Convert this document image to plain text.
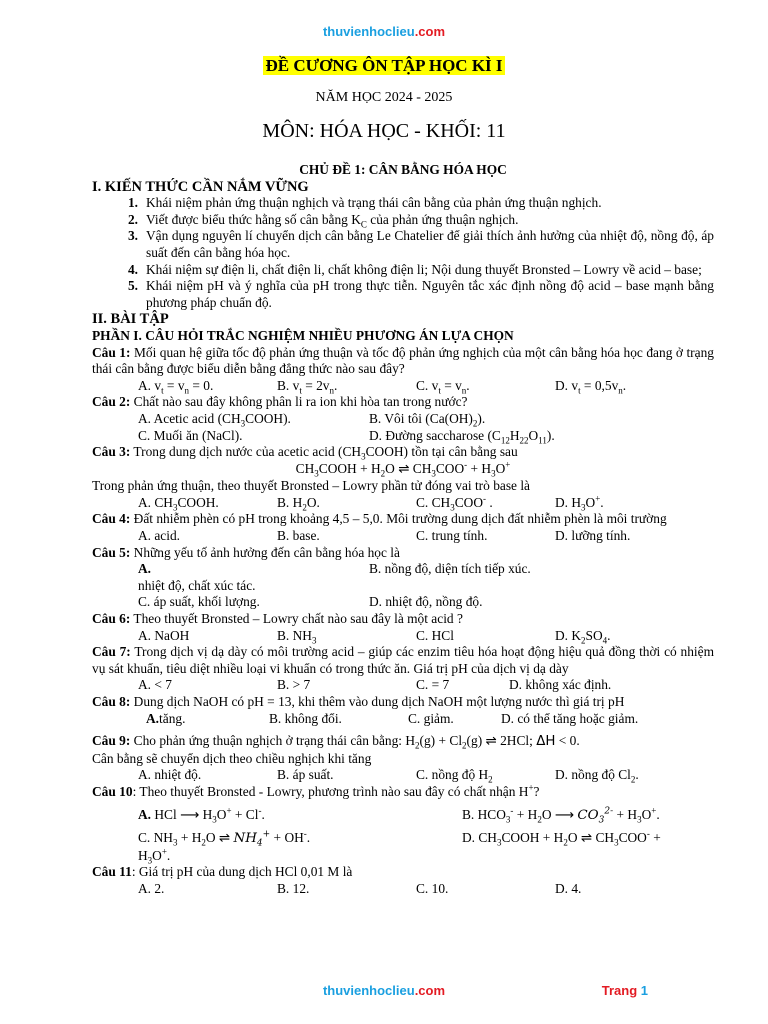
thuvienhoclieu.com
ĐỀ CƯƠNG ÔN TẬP HỌC KÌ I
NĂM HỌC 2024 - 2025
MÔN: HÓA HỌC - KHỐI: 11
CHỦ ĐỀ 1: CÂN BẰNG HÓA HỌC
I. KIẾN THỨC CẦN NẮM VỮNG
1. Khái niệm phản ứng thuận nghịch và trạng thái cân bằng của phản ứng thuận nghịch.
2. Viết được biểu thức hằng số cân bằng $K_C$ của phản ứng thuận nghịch.
3. Vận dụng nguyên lí chuyển dịch cân bằng Le Chatelier để giải thích ảnh hưởng của nhiệt độ, nồng độ, áp suất đến cân bằng hóa học.
4. Khái niệm sự điện li, chất điện li, chất không điện li; Nội dung thuyết Bronsted – Lowry về acid – base;
5. Khái niệm pH và ý nghĩa của pH trong thực tiễn. Nguyên tắc xác định nồng độ acid – base mạnh bằng phương pháp chuẩn độ.
II. BÀI TẬP
PHẦN I. CÂU HỎI TRẮC NGHIỆM NHIỀU PHƯƠNG ÁN LỰA CHỌN
Câu 1: Mối quan hệ giữa tốc độ phản ứng thuận và tốc độ phản ứng nghịch của một cân bằng hóa học đang ở trạng thái cân bằng được biểu diễn bằng đẳng thức nào sau đây?
A. $v_t = v_n = 0$.	B. $v_t = 2v_n$.	C. $v_t = v_n$.	D. $v_t = 0,5v_n$.
Câu 2: Chất nào sau đây không phân li ra ion khi hòa tan trong nước?
A. Acetic acid $(CH_3COOH)$.	B. Vôi tôi $(Ca(OH)_2)$.
C. Muối ăn (NaCl).	D. Đường saccharose $(C_{12}H_{22}O_{11})$.
Câu 3: Trong dung dịch nước của acetic acid $(CH_3COOH)$ tồn tại cân bằng sau
$CH_3COOH + H_2O$ ⇌ $CH_3COO^- + H_3O^+$
Trong phản ứng thuận, theo thuyết Bronsted – Lowry phần tử đóng vai trò base là
A. $CH_3COOH$.	B. $H_2O$.	C. $CH_3COO^-$ .	D. $H_3O^+$.
Câu 4: Đất nhiễm phèn có pH trong khoảng 4,5 – 5,0. Môi trường dung dịch đất nhiễm phèn là môi trường
A. acid.	B. base.	C. trung tính.	D. lưỡng tính.
Câu 5: Những yếu tố ảnh hưởng đến cân bằng hóa học là
A.nhiệt độ, chất xúc tác.
B. nồng độ, diện tích tiếp xúc.
C. áp suất, khối lượng.	D. nhiệt độ, nồng độ.
Câu 6: Theo thuyết Bronsted – Lowry chất nào sau đây là một acid ?
A. NaOH	B. $NH_3$	C. HCl	D. $K_2SO_4$.
Câu 7: Trong dịch vị dạ dày có môi trường acid – giúp các enzim tiêu hóa hoạt động hiệu quả đồng thời có nhiệm vụ sát khuẩn, tiêu diệt nhiều loại vi khuẩn có trong thức ăn. Giá trị pH của dịch vị dạ dày
A. < 7	B. > 7	C. = 7	D. không xác định.
Câu 8: Dung dịch NaOH có pH = 13, khi thêm vào dung dịch NaOH một lượng nước thì giá trị pH
A.tăng.	B. không đổi.	C. giảm.	D. có thể tăng hoặc giảm.
Câu 9: Cho phản ứng thuận nghịch ở trạng thái cân bằng: $H_2(g) + Cl_2(g)$ ⇌ 2HCl; ΔH < 0.
Cân bằng sẽ chuyển dịch theo chiều nghịch khi tăng
A. nhiệt độ.	B. áp suất.	C. nồng độ $H_2$	D. nồng độ $Cl_2$.
Câu 10: Theo thuyết Bronsted - Lowry, phương trình nào sau đây có chất nhận H+?
A. HCl ⟶ $H_3O^+ + Cl^-$.	B. $HCO_3^- + H_2O$ ⟶ $CO_3^{2-} + H_3O^+$.
C. $NH_3 + H_2O$ ⇌ $NH_4^+ + OH^-$.	D. $CH_3COOH + H_2O$ ⇌ $CH_3COO^-$ +
$H_3O^+$.
Câu 11: Giá trị pH của dung dịch HCl 0,01 M là
A. 2.	B. 12.	C. 10.	D. 4.
thuvienhoclieu.com	Trang 1
